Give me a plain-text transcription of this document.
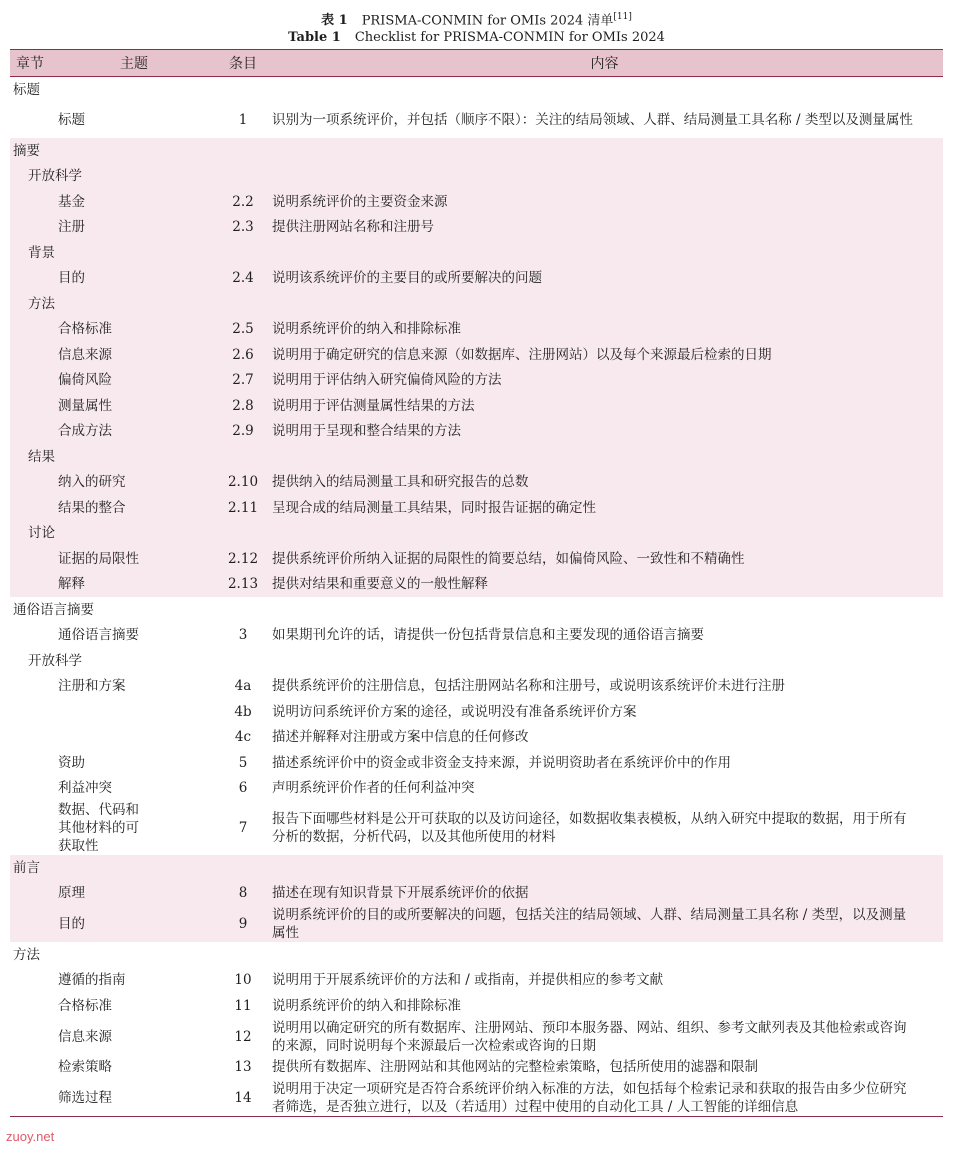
表 1 PRISMA-CONMIN for OMIs 2024 清单[11]
Table 1 Checklist for PRISMA-CONMIN for OMIs 2024
章节	主题	条目	内容
标题			
标题		1	识别为一项系统评价，并包括（顺序不限）：关注的结局领域、人群、结局测量工具名称 / 类型以及测量属性
摘要			
开放科学			
基金		2.2	说明系统评价的主要资金来源
注册		2.3	提供注册网站名称和注册号
背景			
目的		2.4	说明该系统评价的主要目的或所要解决的问题
方法			
合格标准		2.5	说明系统评价的纳入和排除标准
信息来源		2.6	说明用于确定研究的信息来源（如数据库、注册网站）以及每个来源最后检索的日期
偏倚风险		2.7	说明用于评估纳入研究偏倚风险的方法
测量属性		2.8	说明用于评估测量属性结果的方法
合成方法		2.9	说明用于呈现和整合结果的方法
结果			
纳入的研究		2.10	提供纳入的结局测量工具和研究报告的总数
结果的整合		2.11	呈现合成的结局测量工具结果，同时报告证据的确定性
讨论			
证据的局限性		2.12	提供系统评价所纳入证据的局限性的简要总结，如偏倚风险、一致性和不精确性
解释		2.13	提供对结果和重要意义的一般性解释
通俗语言摘要			
通俗语言摘要		3	如果期刊允许的话，请提供一份包括背景信息和主要发现的通俗语言摘要
开放科学			
注册和方案		4a	提供系统评价的注册信息，包括注册网站名称和注册号，或说明该系统评价未进行注册
		4b	说明访问系统评价方案的途径，或说明没有准备系统评价方案
		4c	描述并解释对注册或方案中信息的任何修改
资助		5	描述系统评价中的资金或非资金支持来源，并说明资助者在系统评价中的作用
利益冲突		6	声明系统评价作者的任何利益冲突
数据、代码和其他材料的可获取性		7	报告下面哪些材料是公开可获取的以及访问途径，如数据收集表模板，从纳入研究中提取的数据，用于所有分析的数据，分析代码，以及其他所使用的材料
前言			
原理		8	描述在现有知识背景下开展系统评价的依据
目的		9	说明系统评价的目的或所要解决的问题，包括关注的结局领域、人群、结局测量工具名称 / 类型，以及测量属性
方法			
遵循的指南		10	说明用于开展系统评价的方法和 / 或指南，并提供相应的参考文献
合格标准		11	说明系统评价的纳入和排除标准
信息来源		12	说明用以确定研究的所有数据库、注册网站、预印本服务器、网站、组织、参考文献列表及其他检索或咨询的来源，同时说明每个来源最后一次检索或咨询的日期
检索策略		13	提供所有数据库、注册网站和其他网站的完整检索策略，包括所使用的滤器和限制
筛选过程		14	说明用于决定一项研究是否符合系统评价纳入标准的方法，如包括每个检索记录和获取的报告由多少位研究者筛选，是否独立进行，以及（若适用）过程中使用的自动化工具 / 人工智能的详细信息
zuoy.net
